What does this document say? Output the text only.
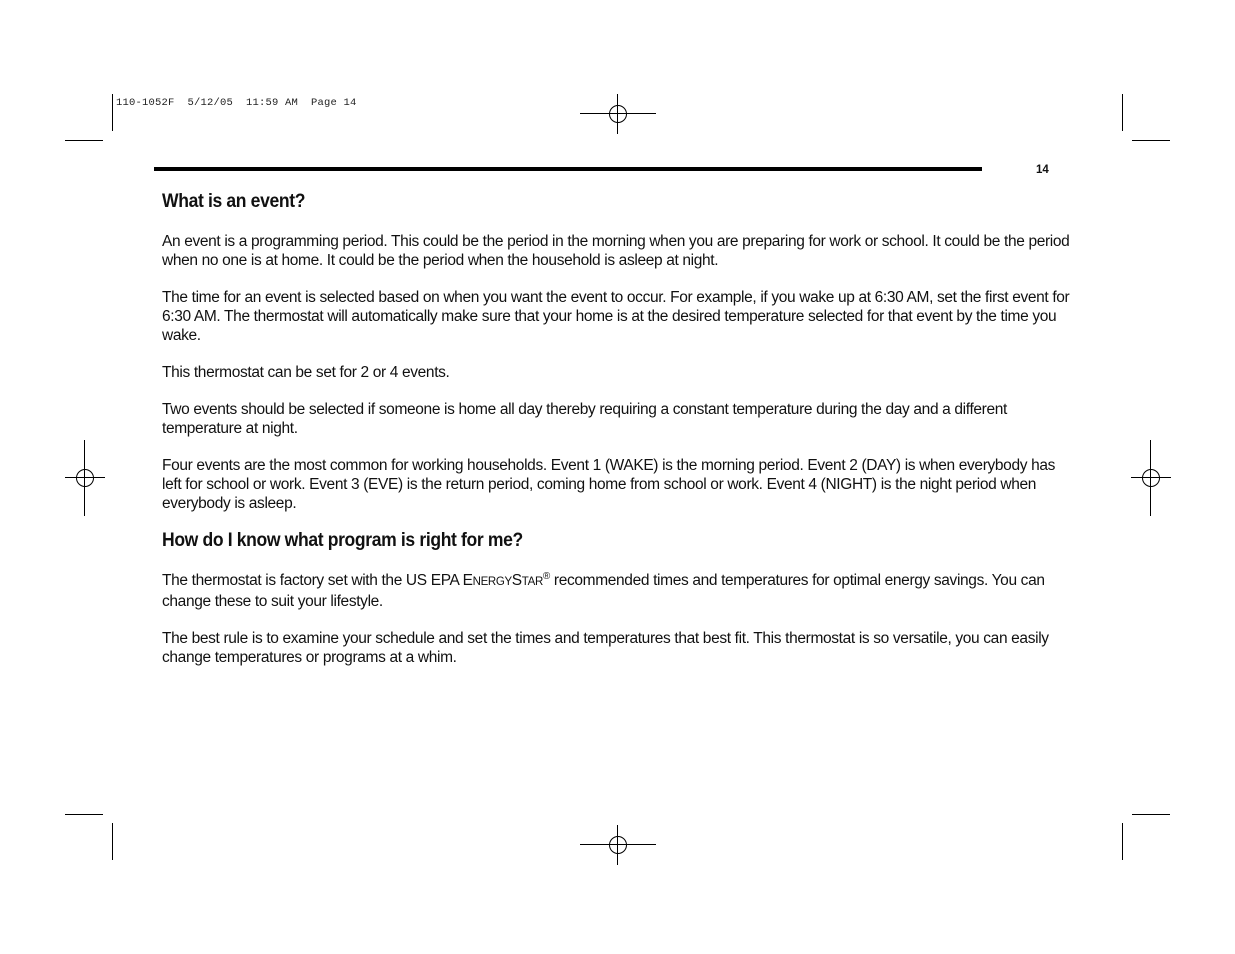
110-1052F  5/12/05  11:59 AM  Page 14
14
What is an event?

An event is a programming period. This could be the period in the morning when you are preparing for work or school. It could be the period when no one is at home. It could be the period when the household is asleep at night.

The time for an event is selected based on when you want the event to occur. For example, if you wake up at 6:30 AM, set the first event for 6:30 AM. The thermostat will automatically make sure that your home is at the desired temperature selected for that event by the time you wake.

This thermostat can be set for 2 or 4 events.

Two events should be selected if someone is home all day thereby requiring a constant temperature during the day and a different temperature at night.

Four events are the most common for working households. Event 1 (WAKE) is the morning period. Event 2 (DAY) is when everybody has left for school or work. Event 3 (EVE) is the return period, coming home from school or work. Event 4 (NIGHT) is the night period when everybody is asleep.

How do I know what program is right for me?

The thermostat is factory set with the US EPA ENERGYSTAR® recommended times and temperatures for optimal energy savings. You can change these to suit your lifestyle.

The best rule is to examine your schedule and set the times and temperatures that best fit. This thermostat is so versatile, you can easily change temperatures or programs at a whim.
